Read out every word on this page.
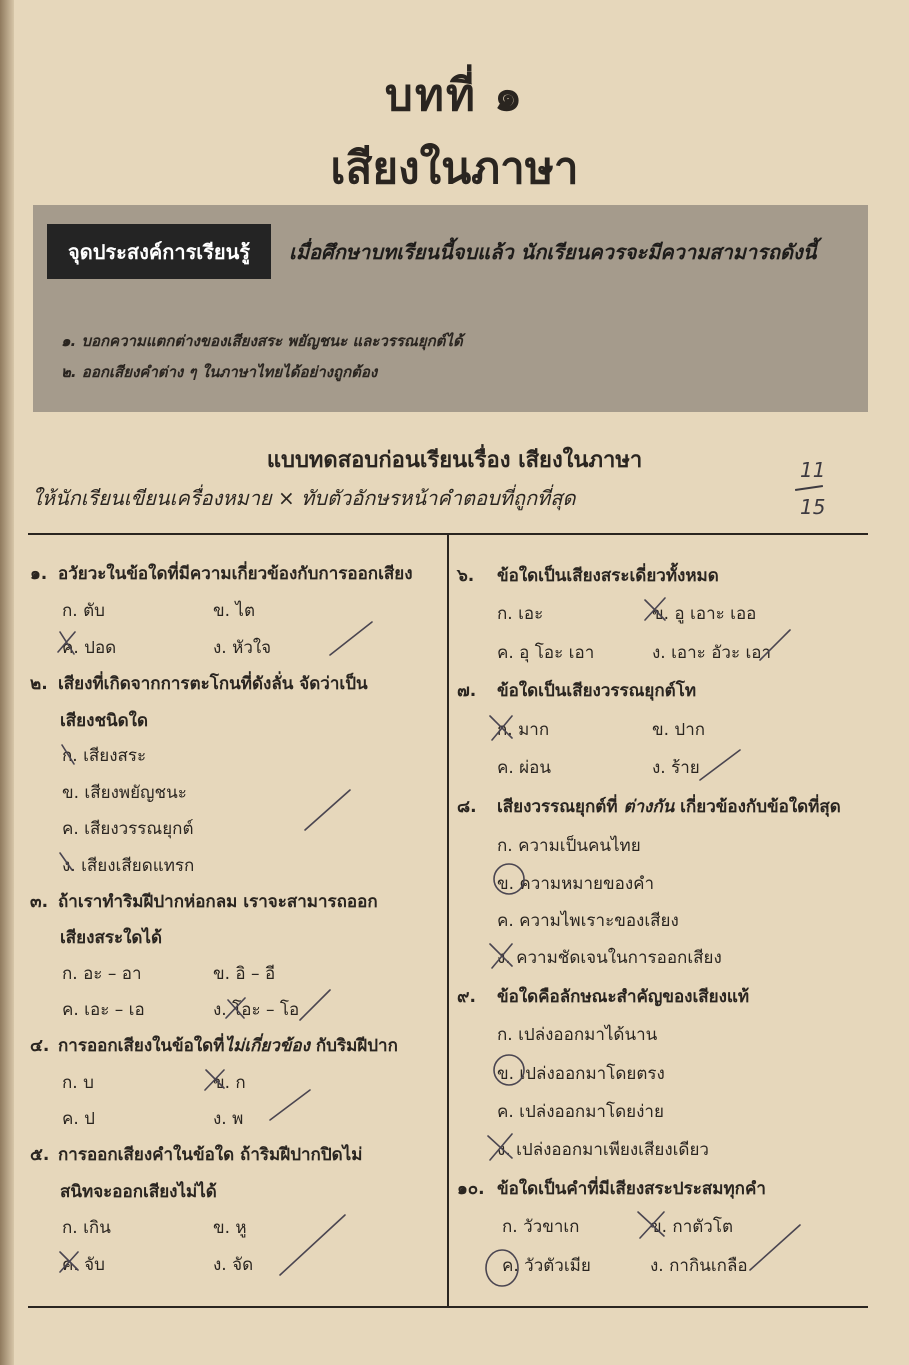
บทที่ ๑
เสียงในภาษา
จุดประสงค์การเรียนรู้	เมื่อศึกษาบทเรียนนี้จบแล้ว นักเรียนควรจะมีความสามารถดังนี้
๑. บอกความแตกต่างของเสียงสระ พยัญชนะ และวรรณยุกต์ได้
๒. ออกเสียงคำต่าง ๆ ในภาษาไทยได้อย่างถูกต้อง
แบบทดสอบก่อนเรียนเรื่อง เสียงในภาษา
ให้นักเรียนเขียนเครื่องหมาย × ทับตัวอักษรหน้าคำตอบที่ถูกที่สุด
11
15
๑. อวัยวะในข้อใดที่มีความเกี่ยวข้องกับการออกเสียง
ก. ตับ	ข. ไต
ค. ปอด	ง. หัวใจ
๒. เสียงที่เกิดจากการตะโกนที่ดังลั่น จัดว่าเป็น
เสียงชนิดใด
ก. เสียงสระ
ข. เสียงพยัญชนะ
ค. เสียงวรรณยุกต์
ง. เสียงเสียดแทรก
๓. ถ้าเราทำริมฝีปากห่อกลม เราจะสามารถออก
เสียงสระใดได้
ก. อะ – อา	ข. อิ – อี
ค. เอะ – เอ	ง. โอะ – โอ
๔. การออกเสียงในข้อใดที่ไม่เกี่ยวข้อง กับริมฝีปาก
ก. บ	ข. ก
ค. ป	ง. พ
๕. การออกเสียงคำในข้อใด ถ้าริมฝีปากปิดไม่
สนิทจะออกเสียงไม่ได้
ก. เกิน	ข. หู
ค. จับ	ง. จัด
๖. ข้อใดเป็นเสียงสระเดี่ยวทั้งหมด
ก. เอะ	ข. อู เอาะ เออ
ค. อุ โอะ เอา	ง. เอาะ อัวะ เอา
๗. ข้อใดเป็นเสียงวรรณยุกต์โท
ก. มาก	ข. ปาก
ค. ผ่อน	ง. ร้าย
๘. เสียงวรรณยุกต์ที่ ต่างกัน เกี่ยวข้องกับข้อใดที่สุด
ก. ความเป็นคนไทย
ข. ความหมายของคำ
ค. ความไพเราะของเสียง
ง. ความชัดเจนในการออกเสียง
๙. ข้อใดคือลักษณะสำคัญของเสียงแท้
ก. เปล่งออกมาได้นาน
ข. เปล่งออกมาโดยตรง
ค. เปล่งออกมาโดยง่าย
ง. เปล่งออกมาเพียงเสียงเดียว
๑๐. ข้อใดเป็นคำที่มีเสียงสระประสมทุกคำ
ก. วัวขาเก	ข. กาตัวโต
ค. วัวตัวเมีย	ง. กากินเกลือ
